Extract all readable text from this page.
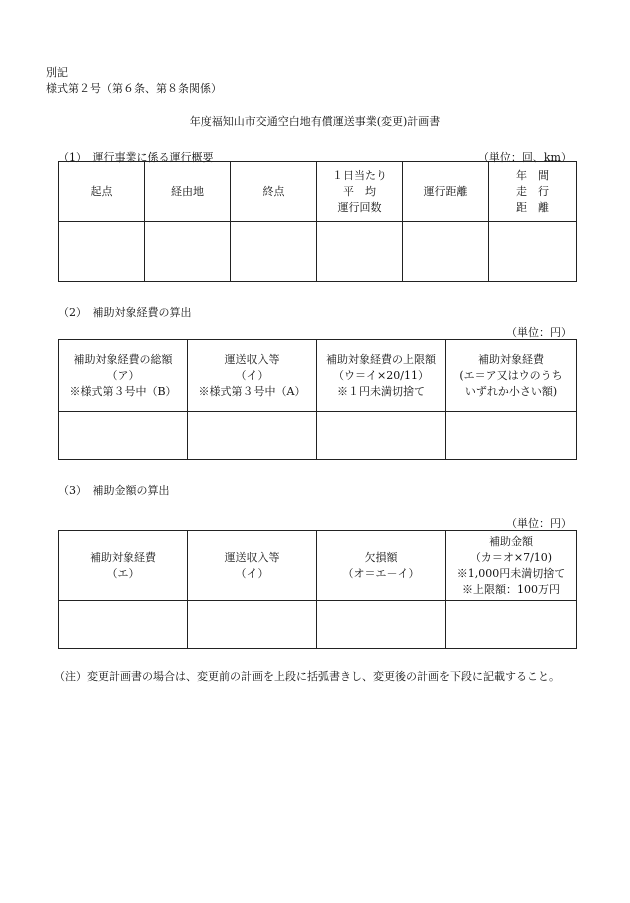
別記
様式第２号（第６条、第８条関係）
年度福知山市交通空白地有償運送事業(変更)計画書
（1）　運行事業に係る運行概要	（単位：回、km）
起点	経由地	終点	１日当たり
平　均
運行回数	運行距離	年　間
走　行
距　離

（2）　補助対象経費の算出
（単位：円）
補助対象経費の総額
（ア）
※様式第３号中（B）	運送収入等
（イ）
※様式第３号中（A）	補助対象経費の上限額
（ウ＝イ×20/11）
※１円未満切捨て	補助対象経費
(エ＝ア又はウのうち
いずれか小さい額)

（3）　補助金額の算出
（単位：円）
補助対象経費
（エ）	運送収入等
（イ）	欠損額
（オ＝エ－イ）	補助金額
（カ＝オ×7/10)
※1,000円未満切捨て
※上限額：100万円

（注）変更計画書の場合は、変更前の計画を上段に括弧書きし、変更後の計画を下段に記載すること。
